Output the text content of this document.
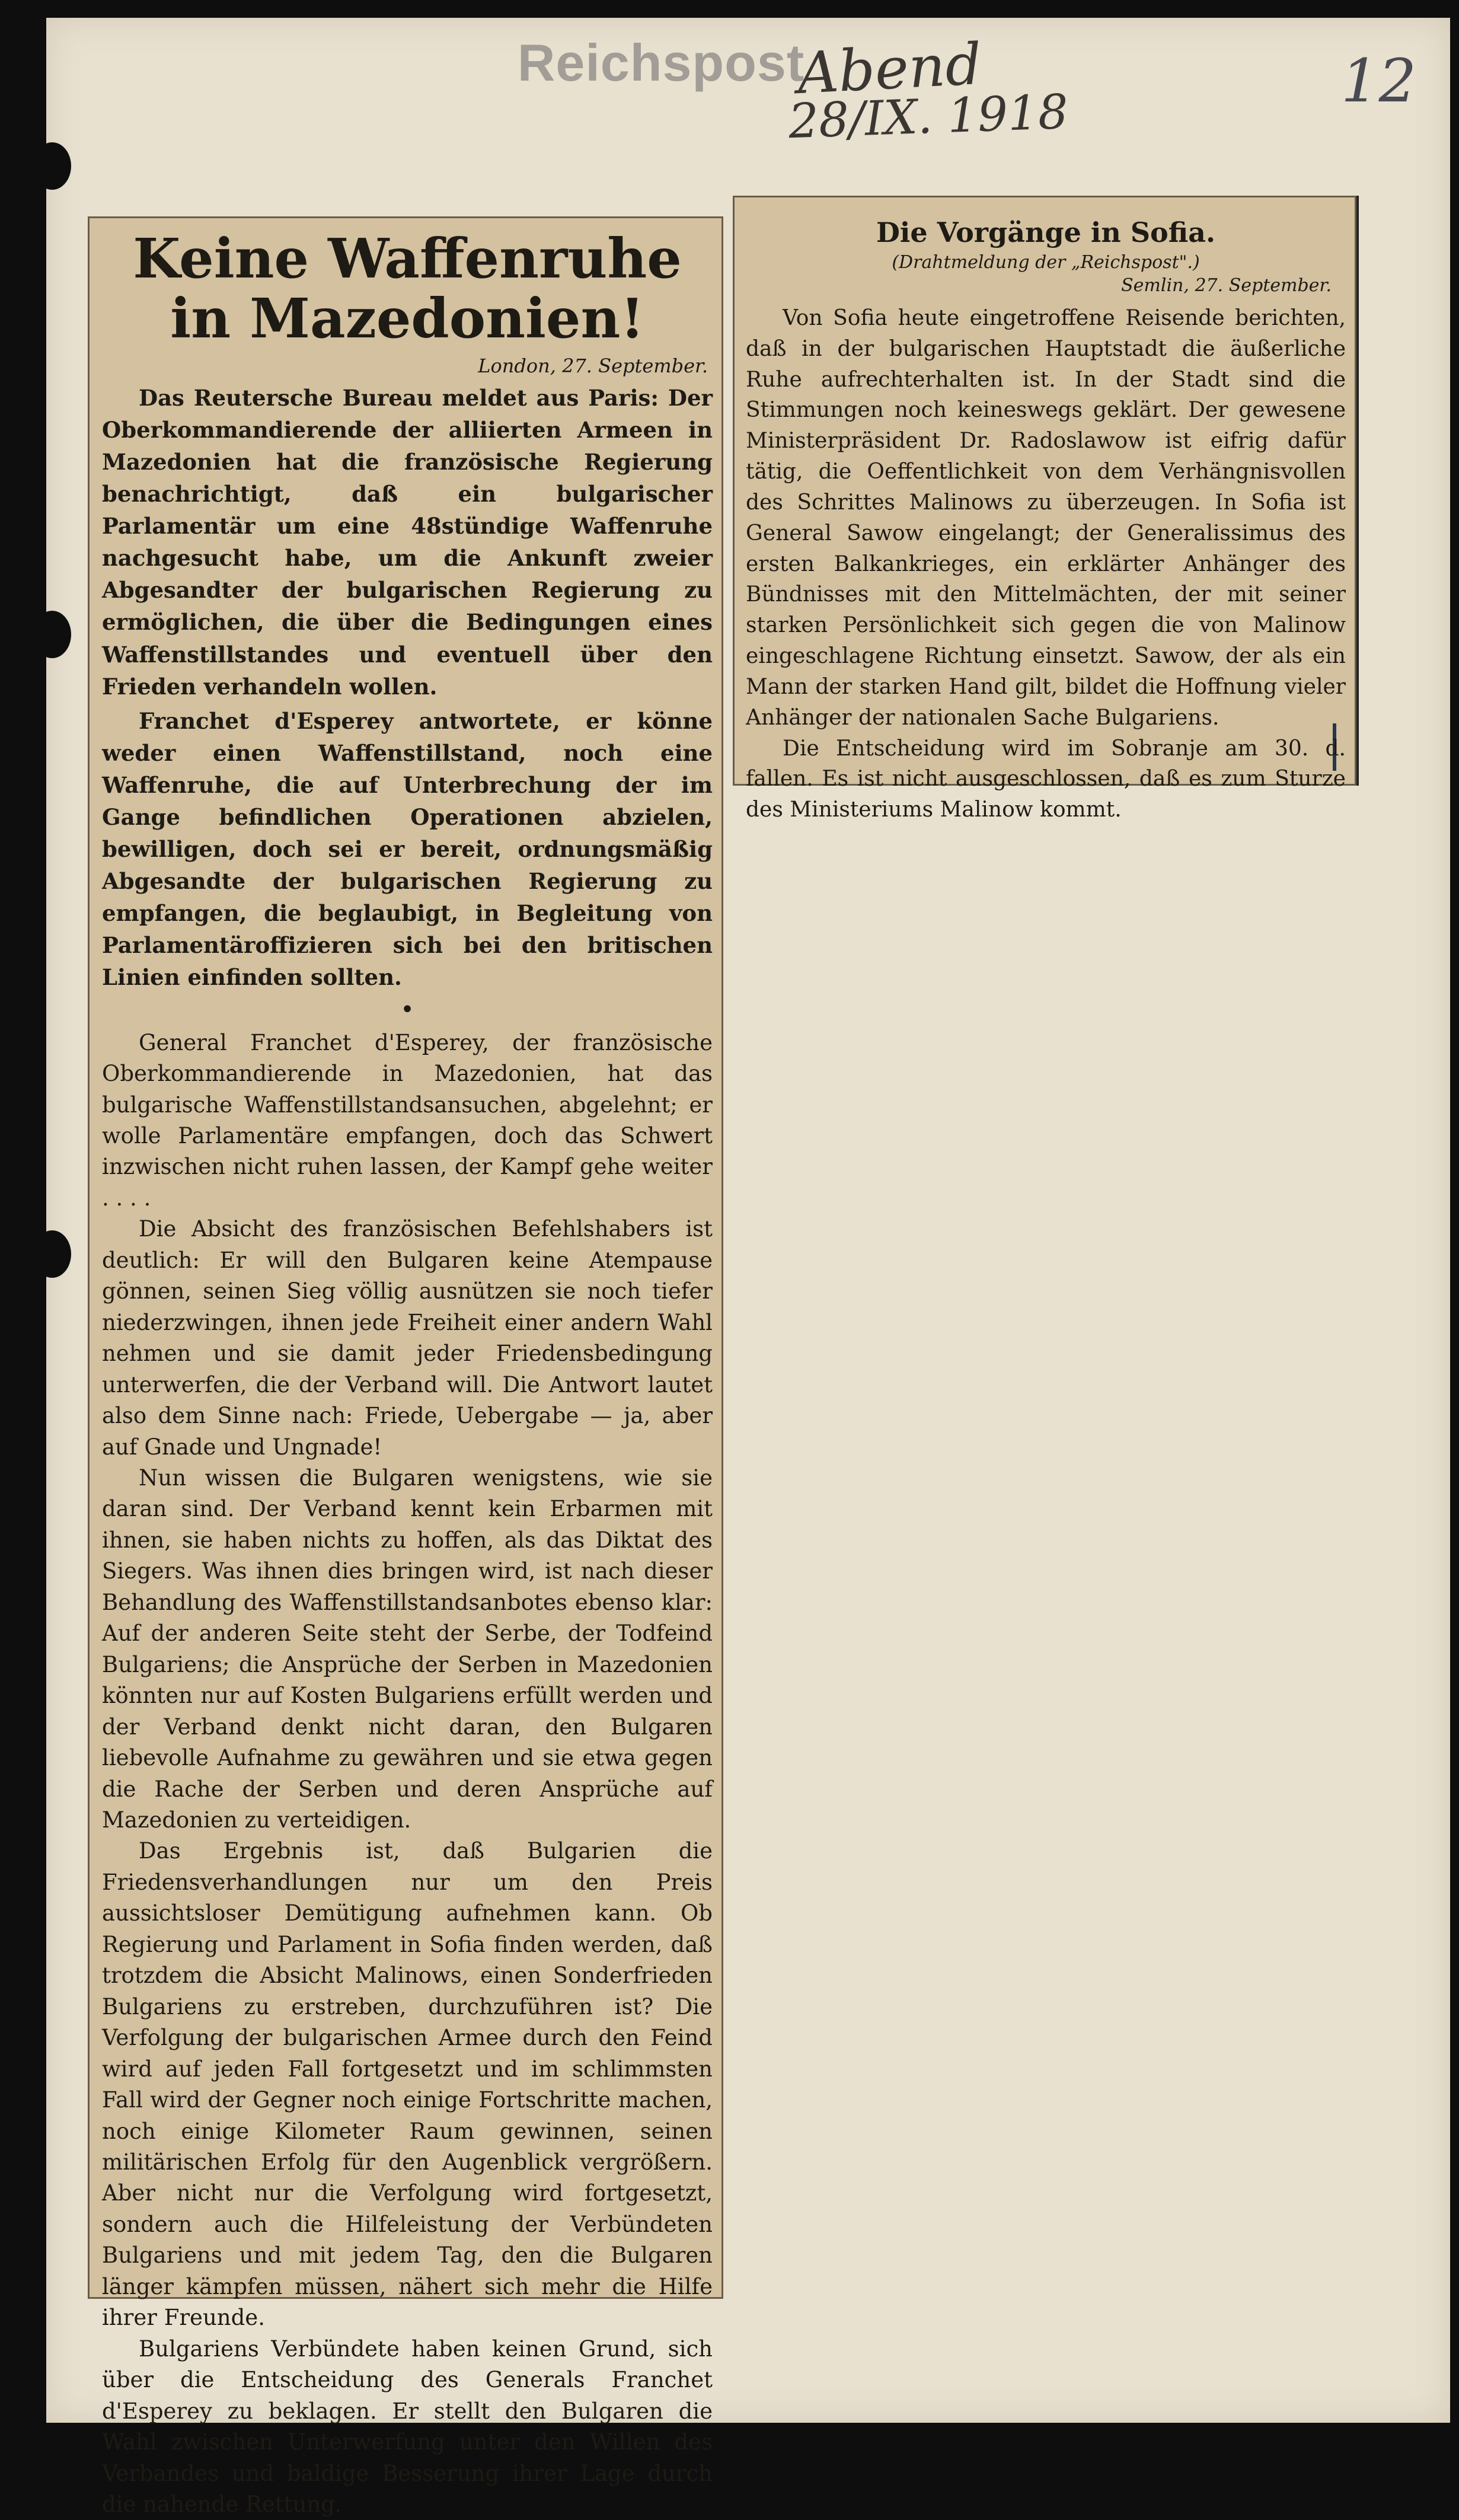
Reichspost
Abend
28/IX. 1918
12

Keine Waffenruhe in Mazedonien!

London, 27. September.

Das Reutersche Bureau meldet aus Paris: Der Oberkommandierende der alliierten Armeen in Mazedonien hat die französische Regierung benachrichtigt, daß ein bulgarischer Parlamentär um eine 48stündige Waffenruhe nachgesucht habe, um die Ankunft zweier Abgesandter der bulgarischen Regierung zu ermöglichen, die über die Bedingungen eines Waffenstillstandes und eventuell über den Frieden verhandeln wollen.

Franchet d'Esperey antwortete, er könne weder einen Waffenstillstand, noch eine Waffenruhe, die auf Unterbrechung der im Gange befindlichen Operationen abzielen, bewilligen, doch sei er bereit, ordnungsmäßig Abgesandte der bulgarischen Regierung zu empfangen, die beglaubigt, in Begleitung von Parlamentäroffizieren sich bei den britischen Linien einfinden sollten.

•

General Franchet d'Esperey, der französische Oberkommandierende in Mazedonien, hat das bulgarische Waffenstillstandsansuchen, abgelehnt; er wolle Parlamentäre empfangen, doch das Schwert inzwischen nicht ruhen lassen, der Kampf gehe weiter . . . .

Die Absicht des französischen Befehlshabers ist deutlich: Er will den Bulgaren keine Atempause gönnen, seinen Sieg völlig ausnützen sie noch tiefer niederzwingen, ihnen jede Freiheit einer andern Wahl nehmen und sie damit jeder Friedensbedingung unterwerfen, die der Verband will. Die Antwort lautet also dem Sinne nach: Friede, Uebergabe — ja, aber auf Gnade und Ungnade!

Nun wissen die Bulgaren wenigstens, wie sie daran sind. Der Verband kennt kein Erbarmen mit ihnen, sie haben nichts zu hoffen, als das Diktat des Siegers. Was ihnen dies bringen wird, ist nach dieser Behandlung des Waffenstillstandsanbotes ebenso klar: Auf der anderen Seite steht der Serbe, der Todfeind Bulgariens; die Ansprüche der Serben in Mazedonien könnten nur auf Kosten Bulgariens erfüllt werden und der Verband denkt nicht daran, den Bulgaren liebevolle Aufnahme zu gewähren und sie etwa gegen die Rache der Serben und deren Ansprüche auf Mazedonien zu verteidigen.

Das Ergebnis ist, daß Bulgarien die Friedensverhandlungen nur um den Preis aussichtsloser Demütigung aufnehmen kann. Ob Regierung und Parlament in Sofia finden werden, daß trotzdem die Absicht Malinows, einen Sonderfrieden Bulgariens zu erstreben, durchzuführen ist? Die Verfolgung der bulgarischen Armee durch den Feind wird auf jeden Fall fortgesetzt und im schlimmsten Fall wird der Gegner noch einige Fortschritte machen, noch einige Kilometer Raum gewinnen, seinen militärischen Erfolg für den Augenblick vergrößern. Aber nicht nur die Verfolgung wird fortgesetzt, sondern auch die Hilfeleistung der Verbündeten Bulgariens und mit jedem Tag, den die Bulgaren länger kämpfen müssen, nähert sich mehr die Hilfe ihrer Freunde.

Bulgariens Verbündete haben keinen Grund, sich über die Entscheidung des Generals Franchet d'Esperey zu beklagen. Er stellt den Bulgaren die Wahl zwischen Unterwerfung unter den Willen des Verbandes und baldige Besserung ihrer Lage durch die nahende Rettung.

Die Vorgänge in Sofia.

(Drahtmeldung der „Reichspost".)

Semlin, 27. September.

Von Sofia heute eingetroffene Reisende berichten, daß in der bulgarischen Hauptstadt die äußerliche Ruhe aufrechterhalten ist. In der Stadt sind die Stimmungen noch keineswegs geklärt. Der gewesene Ministerpräsident Dr. Radoslawow ist eifrig dafür tätig, die Oeffentlichkeit von dem Verhängnisvollen des Schrittes Malinows zu überzeugen. In Sofia ist General Sawow eingelangt; der Generalissimus des ersten Balkankrieges, ein erklärter Anhänger des Bündnisses mit den Mittelmächten, der mit seiner starken Persönlichkeit sich gegen die von Malinow eingeschlagene Richtung einsetzt. Sawow, der als ein Mann der starken Hand gilt, bildet die Hoffnung vieler Anhänger der nationalen Sache Bulgariens.

Die Entscheidung wird im Sobranje am 30. d. fallen. Es ist nicht ausgeschlossen, daß es zum Sturze des Ministeriums Malinow kommt.
